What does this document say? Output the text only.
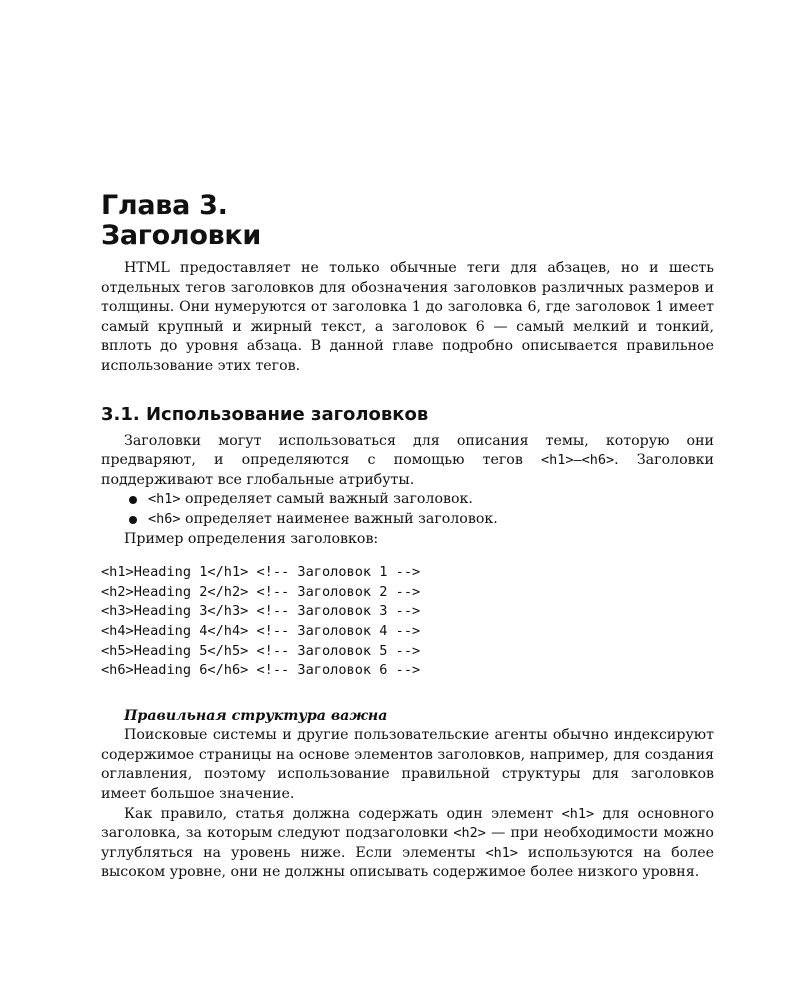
Глава 3.
Заголовки

HTML предоставляет не только обычные теги для абзацев, но и шесть отдельных тегов заголовков для обозначения заголовков различных размеров и толщины. Они нумеруются от заголовка 1 до заголовка 6, где заголовок 1 имеет самый крупный и жирный текст, а заголовок 6 — самый мелкий и тонкий, вплоть до уровня абзаца. В данной главе подробно описывается правильное использование этих тегов.

3.1. Использование заголовков

Заголовки могут использоваться для описания темы, которую они предваряют, и определяются с помощью тегов <h1>–<h6>. Заголовки поддерживают все глобальные атрибуты.

<h1> определяет самый важный заголовок.
<h6> определяет наименее важный заголовок.

Пример определения заголовков:

<h1>Heading 1</h1> <!-- Заголовок 1 -->
<h2>Heading 2</h2> <!-- Заголовок 2 -->
<h3>Heading 3</h3> <!-- Заголовок 3 -->
<h4>Heading 4</h4> <!-- Заголовок 4 -->
<h5>Heading 5</h5> <!-- Заголовок 5 -->
<h6>Heading 6</h6> <!-- Заголовок 6 -->
Правильная структура важна

Поисковые системы и другие пользовательские агенты обычно индексируют содержимое страницы на основе элементов заголовков, например, для создания оглавления, поэтому использование правильной структуры для заголовков имеет большое значение.

Как правило, статья должна содержать один элемент <h1> для основного заголовка, за которым следуют подзаголовки <h2> — при необходимости можно углубляться на уровень ниже. Если элементы <h1> используются на более высоком уровне, они не должны описывать содержимое более низкого уровня.
